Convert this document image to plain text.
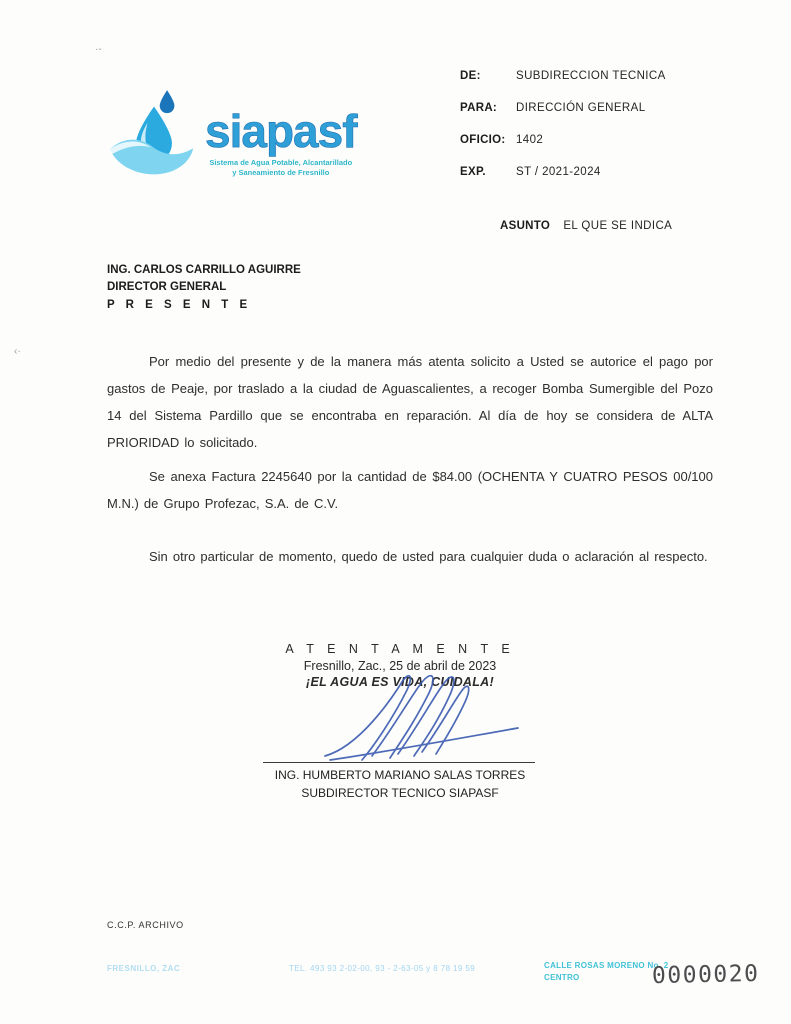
·-
‹·
siapasf
Sistema de Agua Potable, Alcantarillado
y Saneamiento de Fresnillo
DE:	SUBDIRECCION TECNICA
PARA:	DIRECCIÓN GENERAL
OFICIO: 1402
EXP.	ST / 2021-2024
ASUNTO EL QUE SE INDICA
ING. CARLOS CARRILLO AGUIRRE
DIRECTOR GENERAL
P R E S E N T E

Por medio del presente y de la manera más atenta solicito a Usted se autorice el pago por gastos de Peaje, por traslado a la ciudad de Aguascalientes, a recoger Bomba Sumergible del Pozo 14 del Sistema Pardillo que se encontraba en reparación. Al día de hoy se considera de ALTA PRIORIDAD lo solicitado.

Se anexa Factura 2245640 por la cantidad de $84.00 (OCHENTA Y CUATRO PESOS 00/100 M.N.) de Grupo Profezac, S.A. de C.V.

Sin otro particular de momento, quedo de usted para cualquier duda o aclaración al respecto.

A T E N T A M E N T E
Fresnillo, Zac., 25 de abril de 2023
¡EL AGUA ES VIDA, CUIDALA!
ING. HUMBERTO MARIANO SALAS TORRES
SUBDIRECTOR TECNICO SIAPASF
C.C.P. ARCHIVO
FRESNILLO, ZAC	TEL. 493 93 2-02-00, 93 - 2-63-05 y 8 78 19 59	CALLE ROSAS MORENO No. 2
CENTRO	0000020
